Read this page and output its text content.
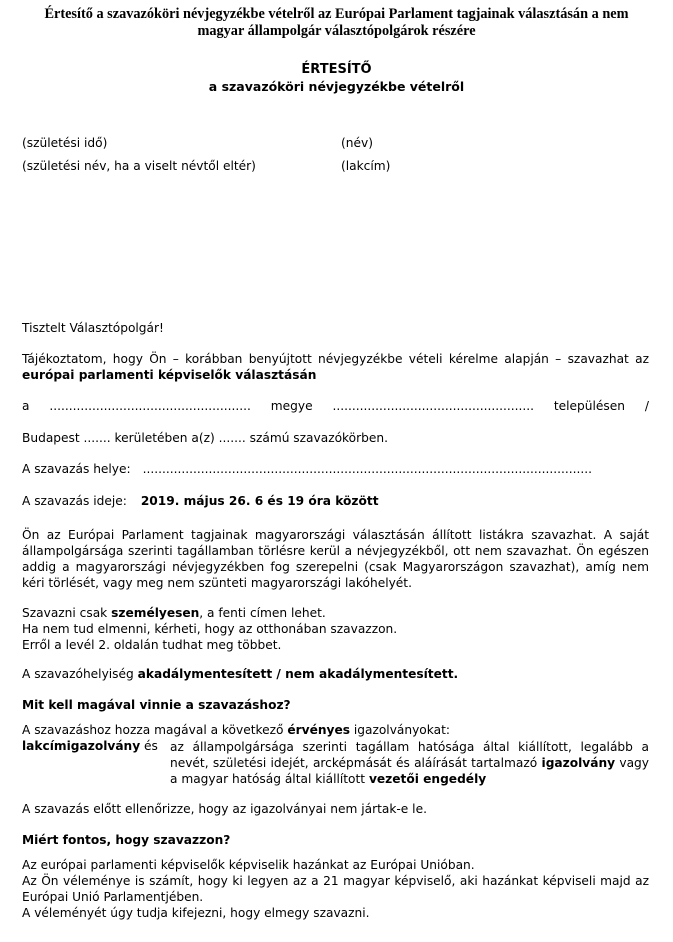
Értesítő a szavazóköri névjegyzékbe vételről az Európai Parlament tagjainak választásán a nem
magyar állampolgár választópolgárok részére
ÉRTESÍTŐ
a szavazóköri névjegyzékbe vételről
(születési idő)	(név)
(születési név, ha a viselt névtől eltér)	(lakcím)
Tisztelt Választópolgár!
Tájékoztatom, hogy Ön – korábban benyújtott névjegyzékbe vételi kérelme alapján – szavazhat az európai parlamenti képviselők választásán
a .................................................... megye .................................................... településen /
Budapest ....... kerületében a(z) ....... számú szavazókörben.
A szavazás helye: ....................................................................................................................
A szavazás ideje: 2019. május 26. 6 és 19 óra között
Ön az Európai Parlament tagjainak magyarországi választásán állított listákra szavazhat. A saját állampolgársága szerinti tagállamban törlésre kerül a névjegyzékből, ott nem szavazhat. Ön egészen addig a magyarországi névjegyzékben fog szerepelni (csak Magyarországon szavazhat), amíg nem kéri törlését, vagy meg nem szünteti magyarországi lakóhelyét.
Szavazni csak személyesen, a fenti címen lehet.
Ha nem tud elmenni, kérheti, hogy az otthonában szavazzon.
Erről a levél 2. oldalán tudhat meg többet.
A szavazóhelyiség akadálymentesített / nem akadálymentesített.
Mit kell magával vinnie a szavazáshoz?
A szavazáshoz hozza magával a következő érvényes igazolványokat:
lakcímigazolvány és az állampolgársága szerinti tagállam hatósága által kiállított, legalább a nevét, születési idejét, arcképmását és aláírását tartalmazó igazolvány vagy a magyar hatóság által kiállított vezetői engedély
A szavazás előtt ellenőrizze, hogy az igazolványai nem jártak-e le.
Miért fontos, hogy szavazzon?
Az európai parlamenti képviselők képviselik hazánkat az Európai Unióban.
Az Ön véleménye is számít, hogy ki legyen az a 21 magyar képviselő, aki hazánkat képviseli majd az Európai Unió Parlamentjében.
A véleményét úgy tudja kifejezni, hogy elmegy szavazni.
